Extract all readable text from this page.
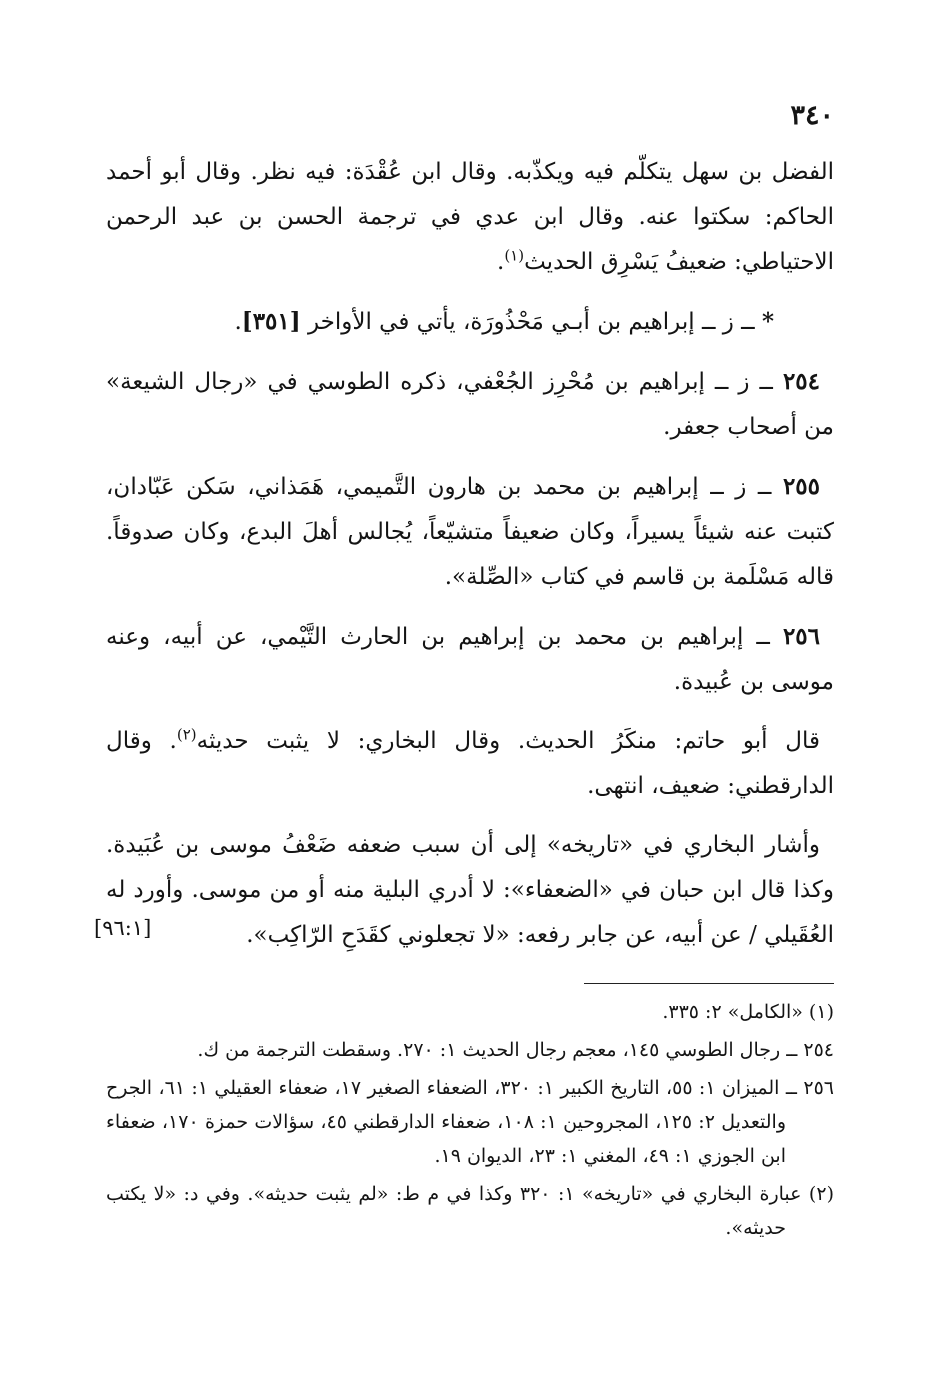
٣٤٠

الفضل بن سهل يتكلّم فيه ويكذّبه. وقال ابن عُقْدَة: فيه نظر. وقال أبو أحمد الحاكم: سكتوا عنه. وقال ابن عدي في ترجمة الحسن بن عبد الرحمن الاحتياطي: ضعيفُ يَسْرِق الحديث$^{(١)}$.

* ــ ز ــ إبراهيم بن أبـي مَحْذُورَة، يأتي في الأواخر [٣٥١].

٢٥٤ ــ ز ــ إبراهيم بن مُحْرِز الجُعْفي، ذكره الطوسي في «رجال الشيعة» من أصحاب جعفر.

٢٥٥ ــ ز ــ إبراهيم بن محمد بن هارون التَّميمي، هَمَذاني، سَكن عَبّادان، كتبت عنه شيئاً يسيراً، وكان ضعيفاً متشيّعاً، يُجالس أهلَ البدع، وكان صدوقاً. قاله مَسْلَمة بن قاسم في كتاب «الصِّلة».

٢٥٦ ــ إبراهيم بن محمد بن إبراهيم بن الحارث التَّيْمي، عن أبيه، وعنه موسى بن عُبيدة.

قال أبو حاتم: منكَرُ الحديث. وقال البخاري: لا يثبت حديثه$^{(٢)}$. وقال الدارقطني: ضعيف، انتهى.

وأشار البخاري في «تاريخه» إلى أن سبب ضعفه ضَعْفُ موسى بن عُبَيدة. وكذا قال ابن حبان في «الضعفاء»: لا أدري البلية منه أو من موسى. وأورد له العُقَيلي / عن أبيه، عن جابر رفعه: «لا تجعلوني كقَدَحِ الرّاكِب».

[٩٦:١]

(١) «الكامل» ٢: ٣٣٥.

٢٥٤ ــ رجال الطوسي ١٤٥، معجم رجال الحديث ١: ٢٧٠. وسقطت الترجمة من ك.

٢٥٦ ــ الميزان ١: ٥٥، التاريخ الكبير ١: ٣٢٠، الضعفاء الصغير ١٧، ضعفاء العقيلي ١: ٦١، الجرح والتعديل ٢: ١٢٥، المجروحين ١: ١٠٨، ضعفاء الدارقطني ٤٥، سؤالات حمزة ١٧٠، ضعفاء ابن الجوزي ١: ٤٩، المغني ١: ٢٣، الديوان ١٩.

(٢) عبارة البخاري في «تاريخه» ١: ٣٢٠ وكذا في م ط: «لم يثبت حديثه». وفي د: «لا يكتب حديثه».
